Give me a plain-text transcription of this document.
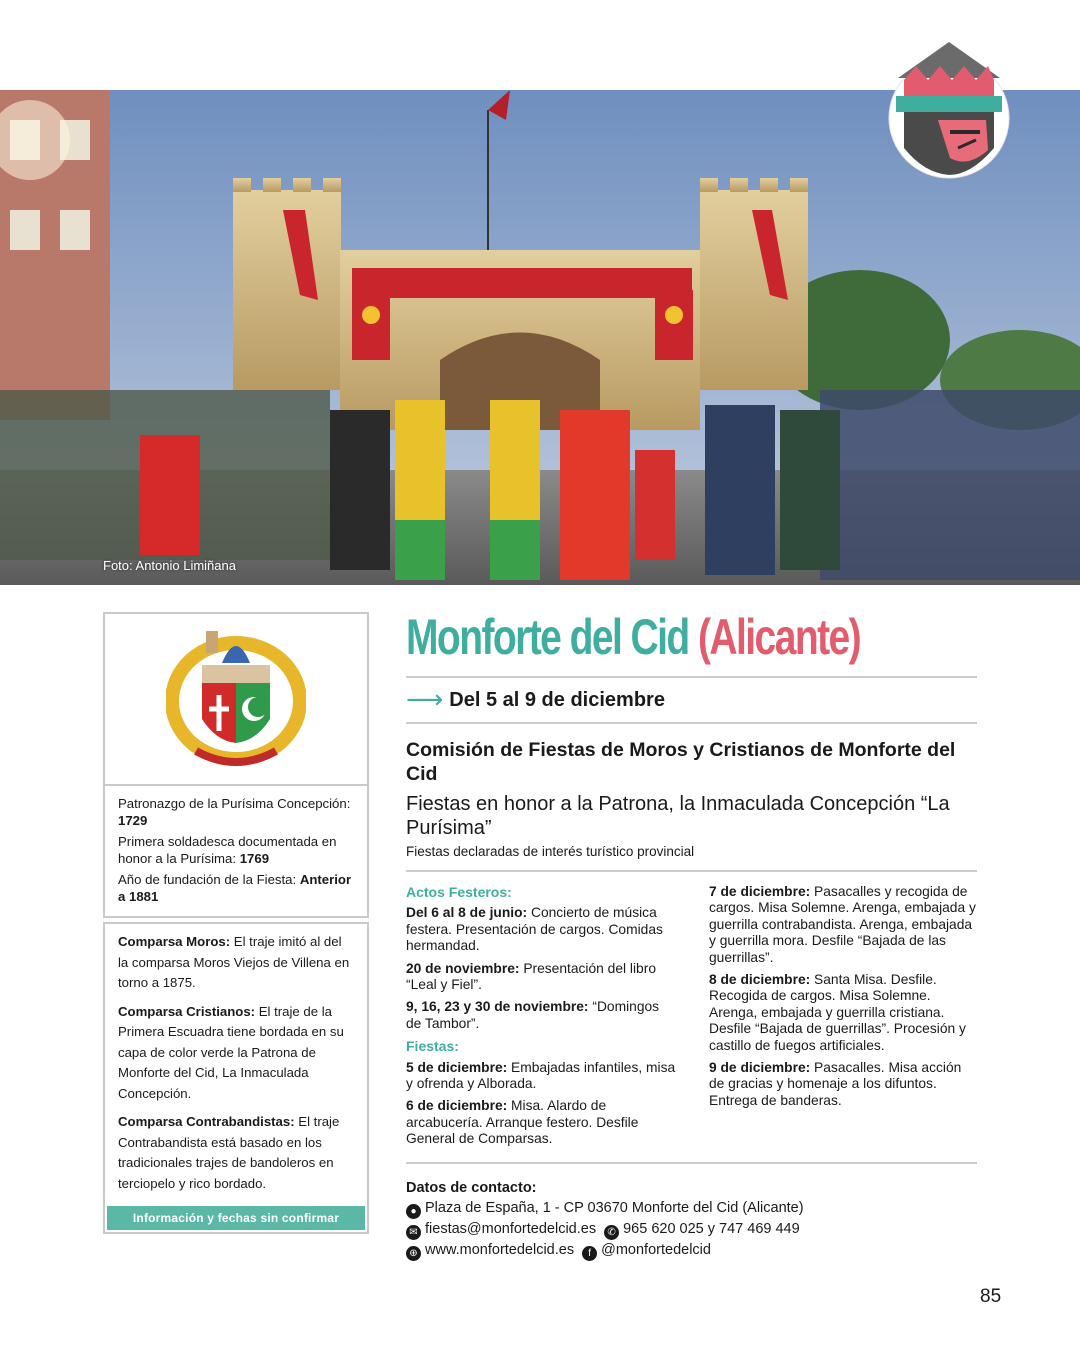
Foto: Antonio Limiñana

Patronazgo de la Purísima Concepción: 1729

Primera soldadesca documentada en honor a la Purísima: 1769

Año de fundación de la Fiesta: Anterior a 1881

Comparsa Moros: El traje imitó al del la comparsa Moros Viejos de Villena en torno a 1875.

Comparsa Cristianos: El traje de la Primera Escuadra tiene bordada en su capa de color verde la Patrona de Monforte del Cid, La Inmaculada Concepción.

Comparsa Contrabandistas: El traje Contrabandista está basado en los tradicionales trajes de bandoleros en terciopelo y rico bordado.

Información y fechas sin confirmar
Monforte del Cid (Alicante)
⟶ Del 5 al 9 de diciembre
Comisión de Fiestas de Moros y Cristianos de Monforte del Cid
Fiestas en honor a la Patrona, la Inmaculada Concepción “La Purísima”
Fiestas declaradas de interés turístico provincial
Actos Festeros:

Del 6 al 8 de junio: Concierto de música festera. Presentación de cargos. Comidas hermandad.

20 de noviembre: Presentación del libro “Leal y Fiel”.

9, 16, 23 y 30 de noviembre: “Domingos de Tambor”.

Fiestas:

5 de diciembre: Embajadas infantiles, misa y ofrenda y Alborada.

6 de diciembre: Misa. Alardo de arcabucería. Arranque festero. Desfile General de Comparsas.

7 de diciembre: Pasacalles y recogida de cargos. Misa Solemne. Arenga, embajada y guerrilla contrabandista. Arenga, embajada y guerrilla mora. Desfile “Bajada de las guerrillas”.

8 de diciembre: Santa Misa. Desfile. Recogida de cargos. Misa Solemne. Arenga, embajada y guerrilla cristiana. Desfile “Bajada de guerrillas”. Procesión y castillo de fuegos artificiales.

9 de diciembre: Pasacalles. Misa acción de gracias y homenaje a los difuntos. Entrega de banderas.

Datos de contacto:
● Plaza de España, 1 - CP 03670 Monforte del Cid (Alicante)
✉ fiestas@monfortedelcid.es ✆ 965 620 025 y 747 469 449
⊕ www.monfortedelcid.es f @monfortedelcid
85
